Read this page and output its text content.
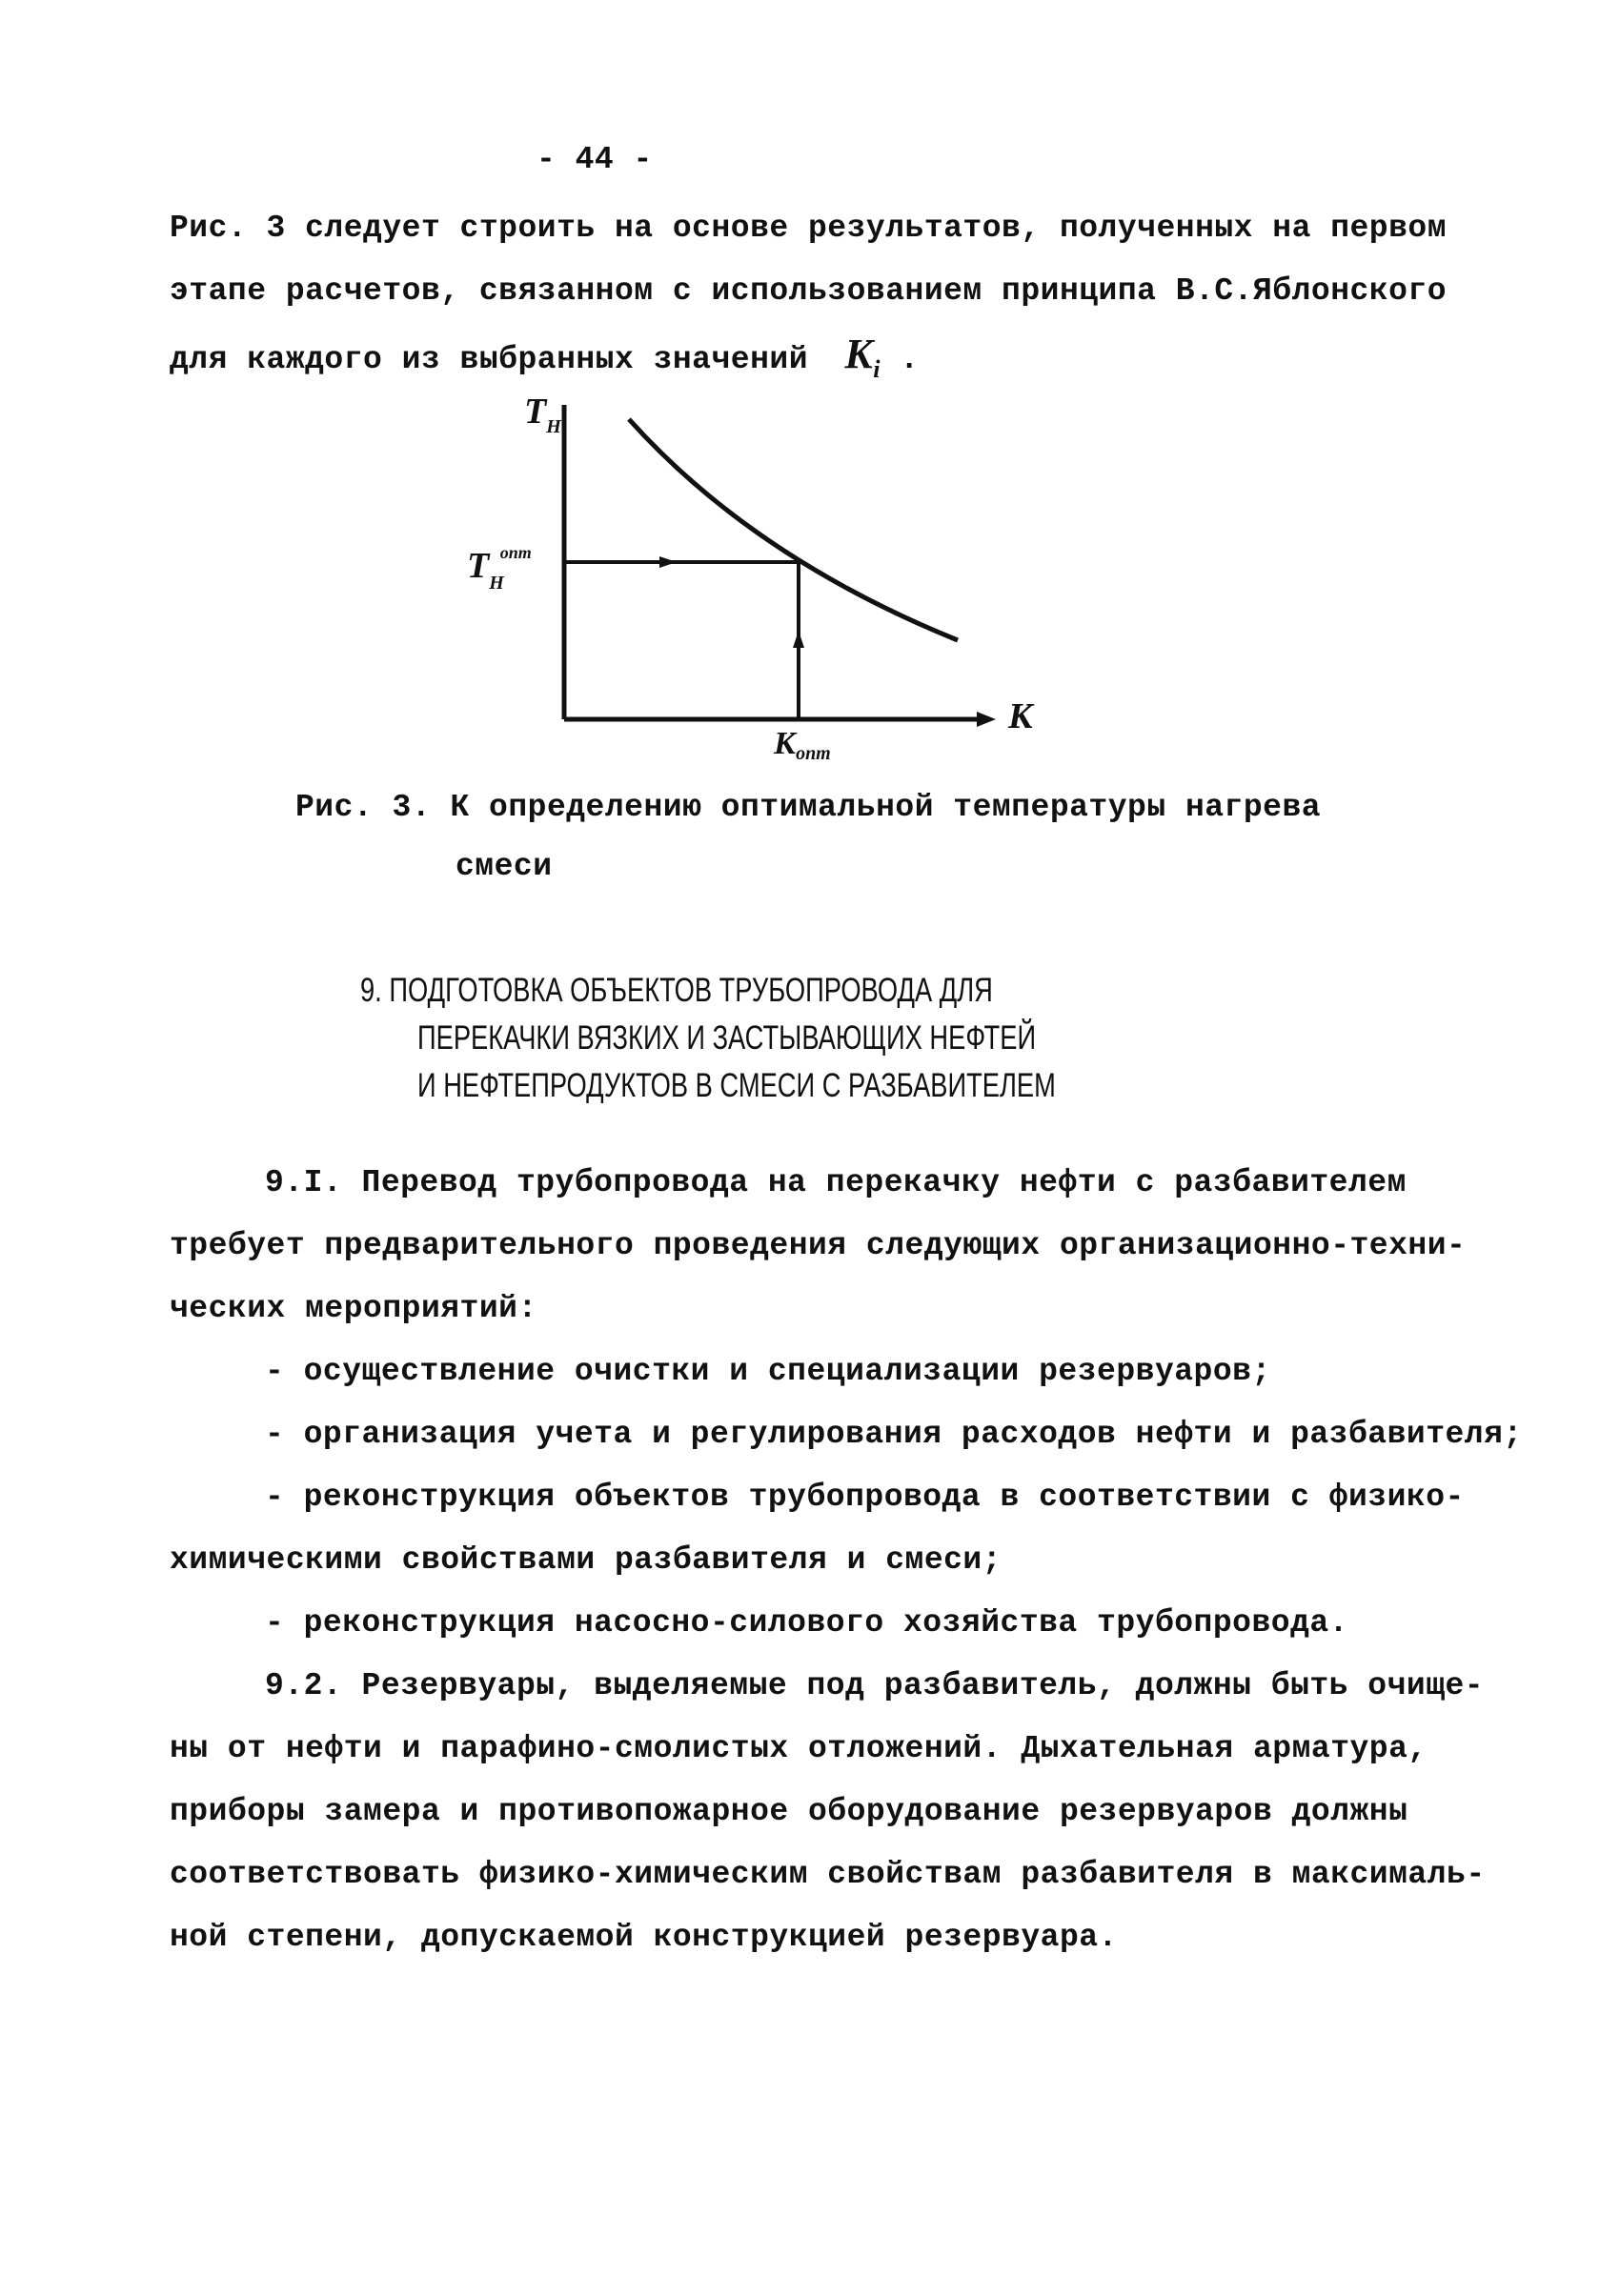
- 44 -
Рис. 3 следует строить на основе результатов, полученных на первом
этапе расчетов, связанном с использованием принципа В.С.Яблонского
для каждого из выбранных значений $K_i$ .
$Т_Н$
$Т_Н^{опт}$
К
Копт
Рис. 3. К определению оптимальной температуры нагрева
смеси
9. ПОДГОТОВКА ОБЪЕКТОВ ТРУБОПРОВОДА ДЛЯ
ПЕРЕКАЧКИ ВЯЗКИХ И ЗАСТЫВАЮЩИХ НЕФТЕЙ
И НЕФТЕПРОДУКТОВ В СМЕСИ С РАЗБАВИТЕЛЕМ
9.I. Перевод трубопровода на перекачку нефти с разбавителем
требует предварительного проведения следующих организационно-техни-
ческих мероприятий:
- осуществление очистки и специализации резервуаров;
- организация учета и регулирования расходов нефти и разбавителя;
- реконструкция объектов трубопровода в соответствии с физико-
химическими свойствами разбавителя и смеси;
- реконструкция насосно-силового хозяйства трубопровода.
9.2. Резервуары, выделяемые под разбавитель, должны быть очище-
ны от нефти и парафино-смолистых отложений. Дыхательная арматура,
приборы замера и противопожарное оборудование резервуаров должны
соответствовать физико-химическим свойствам разбавителя в максималь-
ной степени, допускаемой конструкцией резервуара.
